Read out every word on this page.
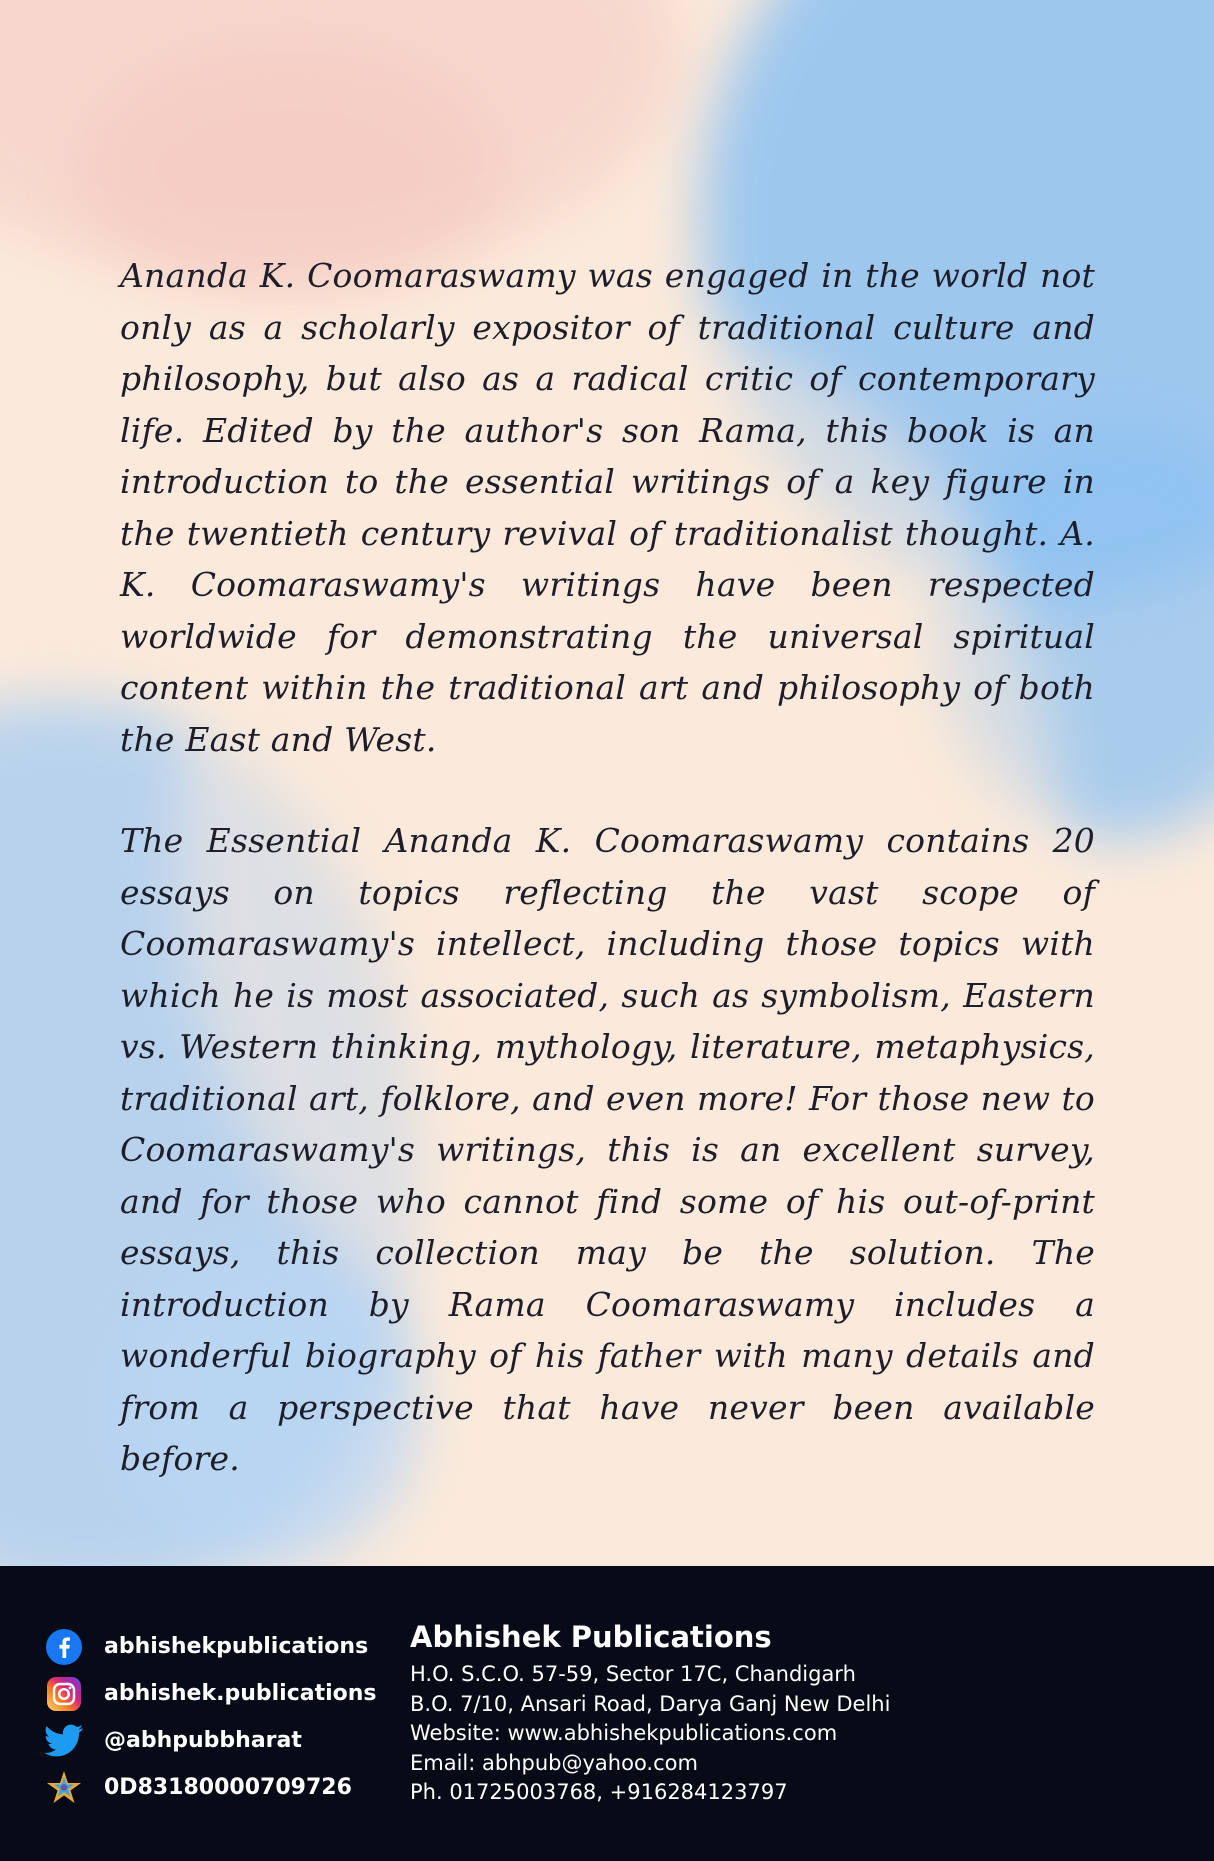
Ananda K. Coomaraswamy was engaged in the world not only as a scholarly expositor of traditional culture and philosophy, but also as a radical critic of contemporary life. Edited by the author's son Rama, this book is an introduction to the essential writings of a key figure in the twentieth century revival of traditionalist thought. A. K. Coomaraswamy's writings have been respected worldwide for demonstrating the universal spiritual content within the traditional art and philosophy of both the East and West.

The Essential Ananda K. Coomaraswamy contains 20 essays on topics reflecting the vast scope of Coomaraswamy's intellect, including those topics with which he is most associated, such as symbolism, Eastern vs. Western thinking, mythology, literature, metaphysics, traditional art, folklore, and even more! For those new to Coomaraswamy's writings, this is an excellent survey, and for those who cannot find some of his out-of-print essays, this collection may be the solution. The introduction by Rama Coomaraswamy includes a wonderful biography of his father with many details and from a perspective that have never been available before.

abhishekpublications
abhishek.publications
@abhpubbharat
0D83180000709726
Abhishek Publications
H.O. S.C.O. 57-59, Sector 17C, Chandigarh
B.O. 7/10, Ansari Road, Darya Ganj New Delhi
Website: www.abhishekpublications.com
Email: abhpub@yahoo.com
Ph. 01725003768, +916284123797
